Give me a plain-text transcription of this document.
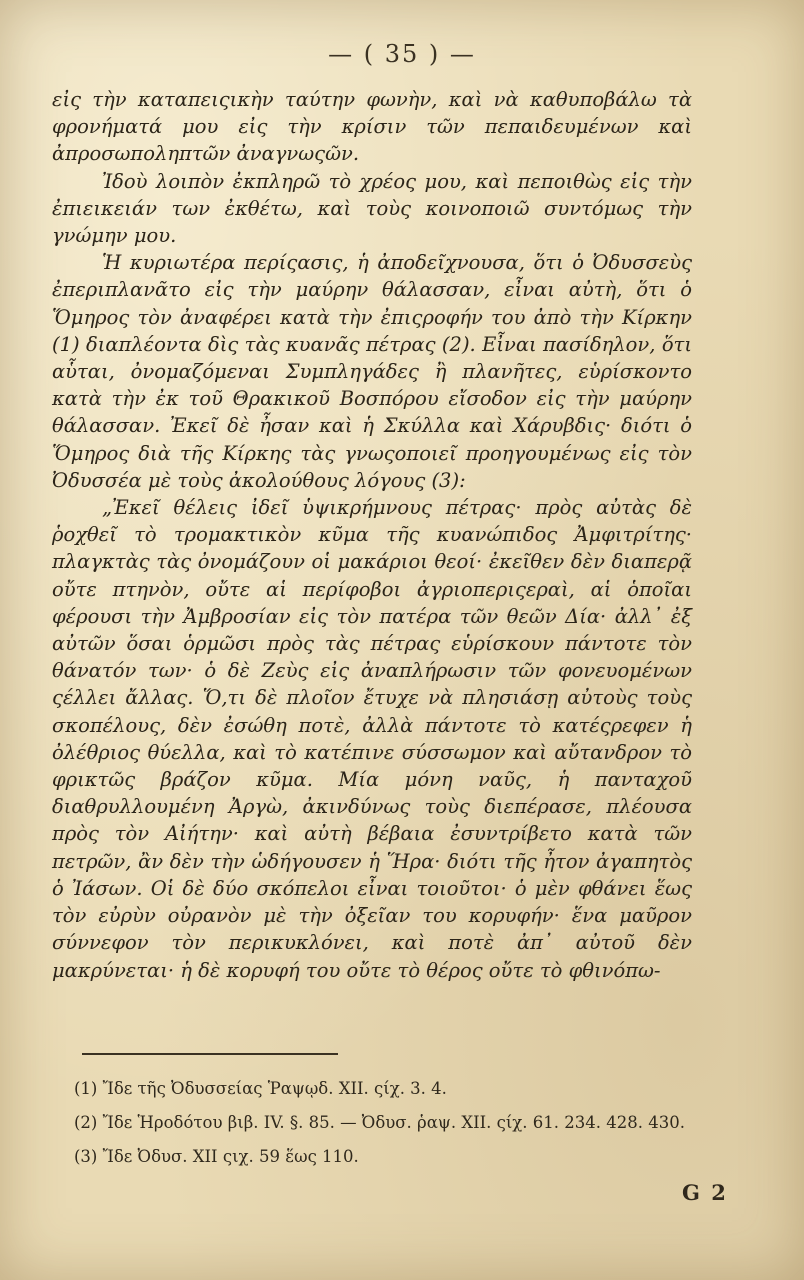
— ( 35 ) —

εἰς τὴν καταπειςικὴν ταύτην φωνὴν, καὶ νὰ καθυποβάλω τὰ φρονήματά μου εἰς τὴν κρίσιν τῶν πεπαιδευμένων καὶ ἀπροσωποληπτῶν ἀναγνωςῶν.

Ἰδοὺ λοιπὸν ἐκπληρῶ τὸ χρέος μου, καὶ πεποιθὼς εἰς τὴν ἐπιεικειάν των ἐκθέτω, καὶ τοὺς κοινοποιῶ συντόμως τὴν γνώμην μου.

Ἡ κυριωτέρα περίςασις, ἡ ἀποδεῖχνουσα, ὅτι ὁ Ὀδυσσεὺς ἐπεριπλανᾶτο εἰς τὴν μαύρην θάλασσαν, εἶναι αὐτὴ, ὅτι ὁ Ὅμηρος τὸν ἀναφέρει κατὰ τὴν ἐπιςροφήν του ἀπὸ τὴν Κίρκην (1) διαπλέοντα δὶς τὰς κυανᾶς πέτρας (2). Εἶναι πασίδηλον, ὅτι αὗται, ὀνομαζόμεναι Συμπληγάδες ἢ πλανῆτες, εὑρίσκοντο κατὰ τὴν ἐκ τοῦ Θρακικοῦ Βοσπόρου εἴσοδον εἰς τὴν μαύρην θάλασσαν. Ἐκεῖ δὲ ἦσαν καὶ ἡ Σκύλλα καὶ Χάρυβδις· διότι ὁ Ὅμηρος διὰ τῆς Κίρκης τὰς γνωςοποιεῖ προηγουμένως εἰς τὸν Ὀδυσσέα μὲ τοὺς ἀκολούθους λόγους (3):

„Ἐκεῖ θέλεις ἰδεῖ ὑψικρήμνους πέτρας· πρὸς αὐτὰς δὲ ῥοχθεῖ τὸ τρομακτικὸν κῦμα τῆς κυανώπιδος Ἀμφιτρίτης· πλαγκτὰς τὰς ὀνομάζουν οἱ μακάριοι θεοί· ἐκεῖθεν δὲν διαπερᾷ οὔτε πτηνὸν, οὔτε αἱ περίφοβοι ἀγριοπεριςεραὶ, αἱ ὁποῖαι φέρουσι τὴν Ἀμβροσίαν εἰς τὸν πατέρα τῶν θεῶν Δία· ἀλλ᾽ ἐξ αὐτῶν ὅσαι ὁρμῶσι πρὸς τὰς πέτρας εὑρίσκουν πάντοτε τὸν θάνατόν των· ὁ δὲ Ζεὺς εἰς ἀναπλήρωσιν τῶν φονευομένων ςέλλει ἄλλας. Ὅ,τι δὲ πλοῖον ἔτυχε νὰ πλησιάσῃ αὐτοὺς τοὺς σκοπέλους, δὲν ἐσώθη ποτὲ, ἀλλὰ πάντοτε τὸ κατέςρεφεν ἡ ὀλέθριος θύελλα, καὶ τὸ κατέπινε σύσσωμον καὶ αὔτανδρον τὸ φρικτῶς βράζον κῦμα. Μία μόνη ναῦς, ἡ πανταχοῦ διαθρυλλουμένη Ἀργὼ, ἀκινδύνως τοὺς διεπέρασε, πλέουσα πρὸς τὸν Αἰήτην· καὶ αὐτὴ βέβαια ἐσυντρίβετο κατὰ τῶν πετρῶν, ἂν δὲν τὴν ὡδήγουσεν ἡ Ἥρα· διότι τῆς ἦτον ἀγαπητὸς ὁ Ἰάσων. Οἱ δὲ δύο σκόπελοι εἶναι τοιοῦτοι· ὁ μὲν φθάνει ἕως τὸν εὐρὺν οὐρανὸν μὲ τὴν ὀξεῖαν του κορυφήν· ἕνα μαῦρον σύννεφον τὸν περικυκλόνει, καὶ ποτὲ ἀπ᾽ αὐτοῦ δὲν μακρύνεται· ἡ δὲ κορυφή του οὔτε τὸ θέρος οὔτε τὸ φθινόπω-

(1) Ἴδε τῆς Ὀδυσσείας Ῥαψῳδ. XII. ςίχ. 3. 4.

(2) Ἴδε Ἡροδότου βιβ. IV. §. 85. — Ὀδυσ. ῥαψ. XII. ςίχ. 61. 234. 428. 430.

(3) Ἴδε Ὀδυσ. XII ςιχ. 59 ἕως 110.

G 2
